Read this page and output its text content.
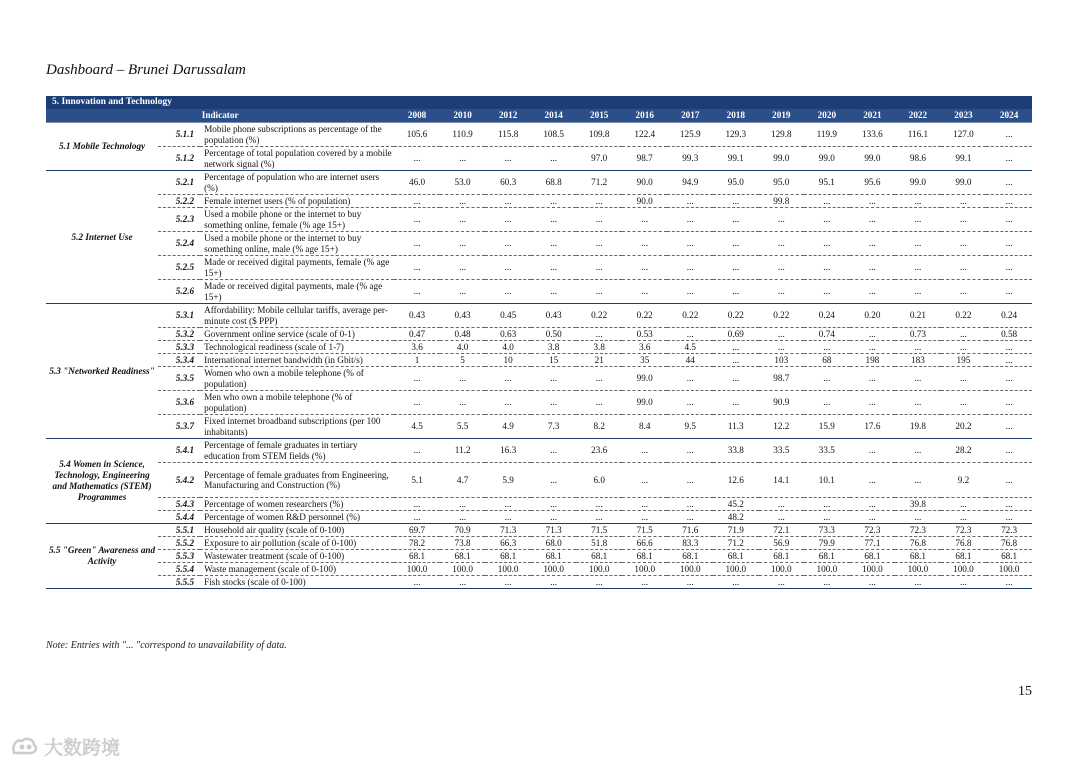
Dashboard – Brunei Darussalam
5. Innovation and Technology																
Indicator			2008	2010	2012	2014	2015	2016	2017	2018	2019	2020	2021	2022	2023	2024
5.1 Mobile Technology	5.1.1	Mobile phone subscriptions as percentage of the population (%)	105.6	110.9	115.8	108.5	109.8	122.4	125.9	129.3	129.8	119.9	133.6	116.1	127.0	...
	5.1.2	Percentage of total population covered by a mobile network signal (%)	...	...	...	...	97.0	98.7	99.3	99.1	99.0	99.0	99.0	98.6	99.1	...
5.2 Internet Use	5.2.1	Percentage of population who are internet users (%)	46.0	53.0	60.3	68.8	71.2	90.0	94.9	95.0	95.0	95.1	95.6	99.0	99.0	...
	5.2.2	Female internet users (% of population)	...	...	...	...	...	90.0	...	...	99.8	...	...	...	...	...
	5.2.3	Used a mobile phone or the internet to buy something online, female (% age 15+)	...	...	...	...	...	...	...	...	...	...	...	...	...	...
	5.2.4	Used a mobile phone or the internet to buy something online, male (% age 15+)	...	...	...	...	...	...	...	...	...	...	...	...	...	...
	5.2.5	Made or received digital payments, female (% age 15+)	...	...	...	...	...	...	...	...	...	...	...	...	...	...
	5.2.6	Made or received digital payments, male (% age 15+)	...	...	...	...	...	...	...	...	...	...	...	...	...	...
5.3 "Networked Readiness"	5.3.1	Affordability: Mobile cellular tariffs, average per-minute cost ($ PPP)	0.43	0.43	0.45	0.43	0.22	0.22	0.22	0.22	0.22	0.24	0.20	0.21	0.22	0.24
	5.3.2	Government online service (scale of 0-1)	0.47	0.48	0.63	0.50	...	0.53	...	0.69	...	0.74	...	0.73	...	0.58
	5.3.3	Technological readiness (scale of 1-7)	3.6	4.0	4.0	3.8	3.8	3.6	4.5	...	...	...	...	...	...	...
	5.3.4	International internet bandwidth (in Gbit/s)	1	5	10	15	21	35	44	...	103	68	198	183	195	...
	5.3.5	Women who own a mobile telephone (% of population)	...	...	...	...	...	99.0	...	...	98.7	...	...	...	...	...
	5.3.6	Men who own a mobile telephone (% of population)	...	...	...	...	...	99.0	...	...	90.9	...	...	...	...	...
	5.3.7	Fixed internet broadband subscriptions (per 100 inhabitants)	4.5	5.5	4.9	7.3	8.2	8.4	9.5	11.3	12.2	15.9	17.6	19.8	20.2	...
5.4 Women in Science, Technology, Engineering and Mathematics (STEM) Programmes	5.4.1	Percentage of female graduates in tertiary education from STEM fields (%)	...	11.2	16.3	...	23.6	...	...	33.8	33.5	33.5	...	...	28.2	...
	5.4.2	Percentage of female graduates from Engineering, Manufacturing and Construction (%)	5.1	4.7	5.9	...	6.0	...	...	12.6	14.1	10.1	...	...	9.2	...
	5.4.3	Percentage of women researchers (%)	...	...	...	...	...	...	...	45.2	...	...	...	39.8	...	...
	5.4.4	Percentage of women R&D personnel (%)	...	...	...	...	...	...	...	48.2	...	...	...	...	...	...
5.5 "Green" Awareness and Activity	5.5.1	Household air quality (scale of 0-100)	69.7	70.9	71.3	71.3	71.5	71.5	71.6	71.9	72.1	73.3	72.3	72.3	72.3	72.3
	5.5.2	Exposure to air pollution (scale of 0-100)	78.2	73.8	66.3	68.0	51.8	66.6	83.3	71.2	56.9	79.9	77.1	76.8	76.8	76.8
	5.5.3	Wastewater treatment (scale of 0-100)	68.1	68.1	68.1	68.1	68.1	68.1	68.1	68.1	68.1	68.1	68.1	68.1	68.1	68.1
	5.5.4	Waste management (scale of 0-100)	100.0	100.0	100.0	100.0	100.0	100.0	100.0	100.0	100.0	100.0	100.0	100.0	100.0	100.0
	5.5.5	Fish stocks (scale of 0-100)	...	...	...	...	...	...	...	...	...	...	...	...	...	...
Note: Entries with "... "correspond to unavailability of data.
15
大数跨境
